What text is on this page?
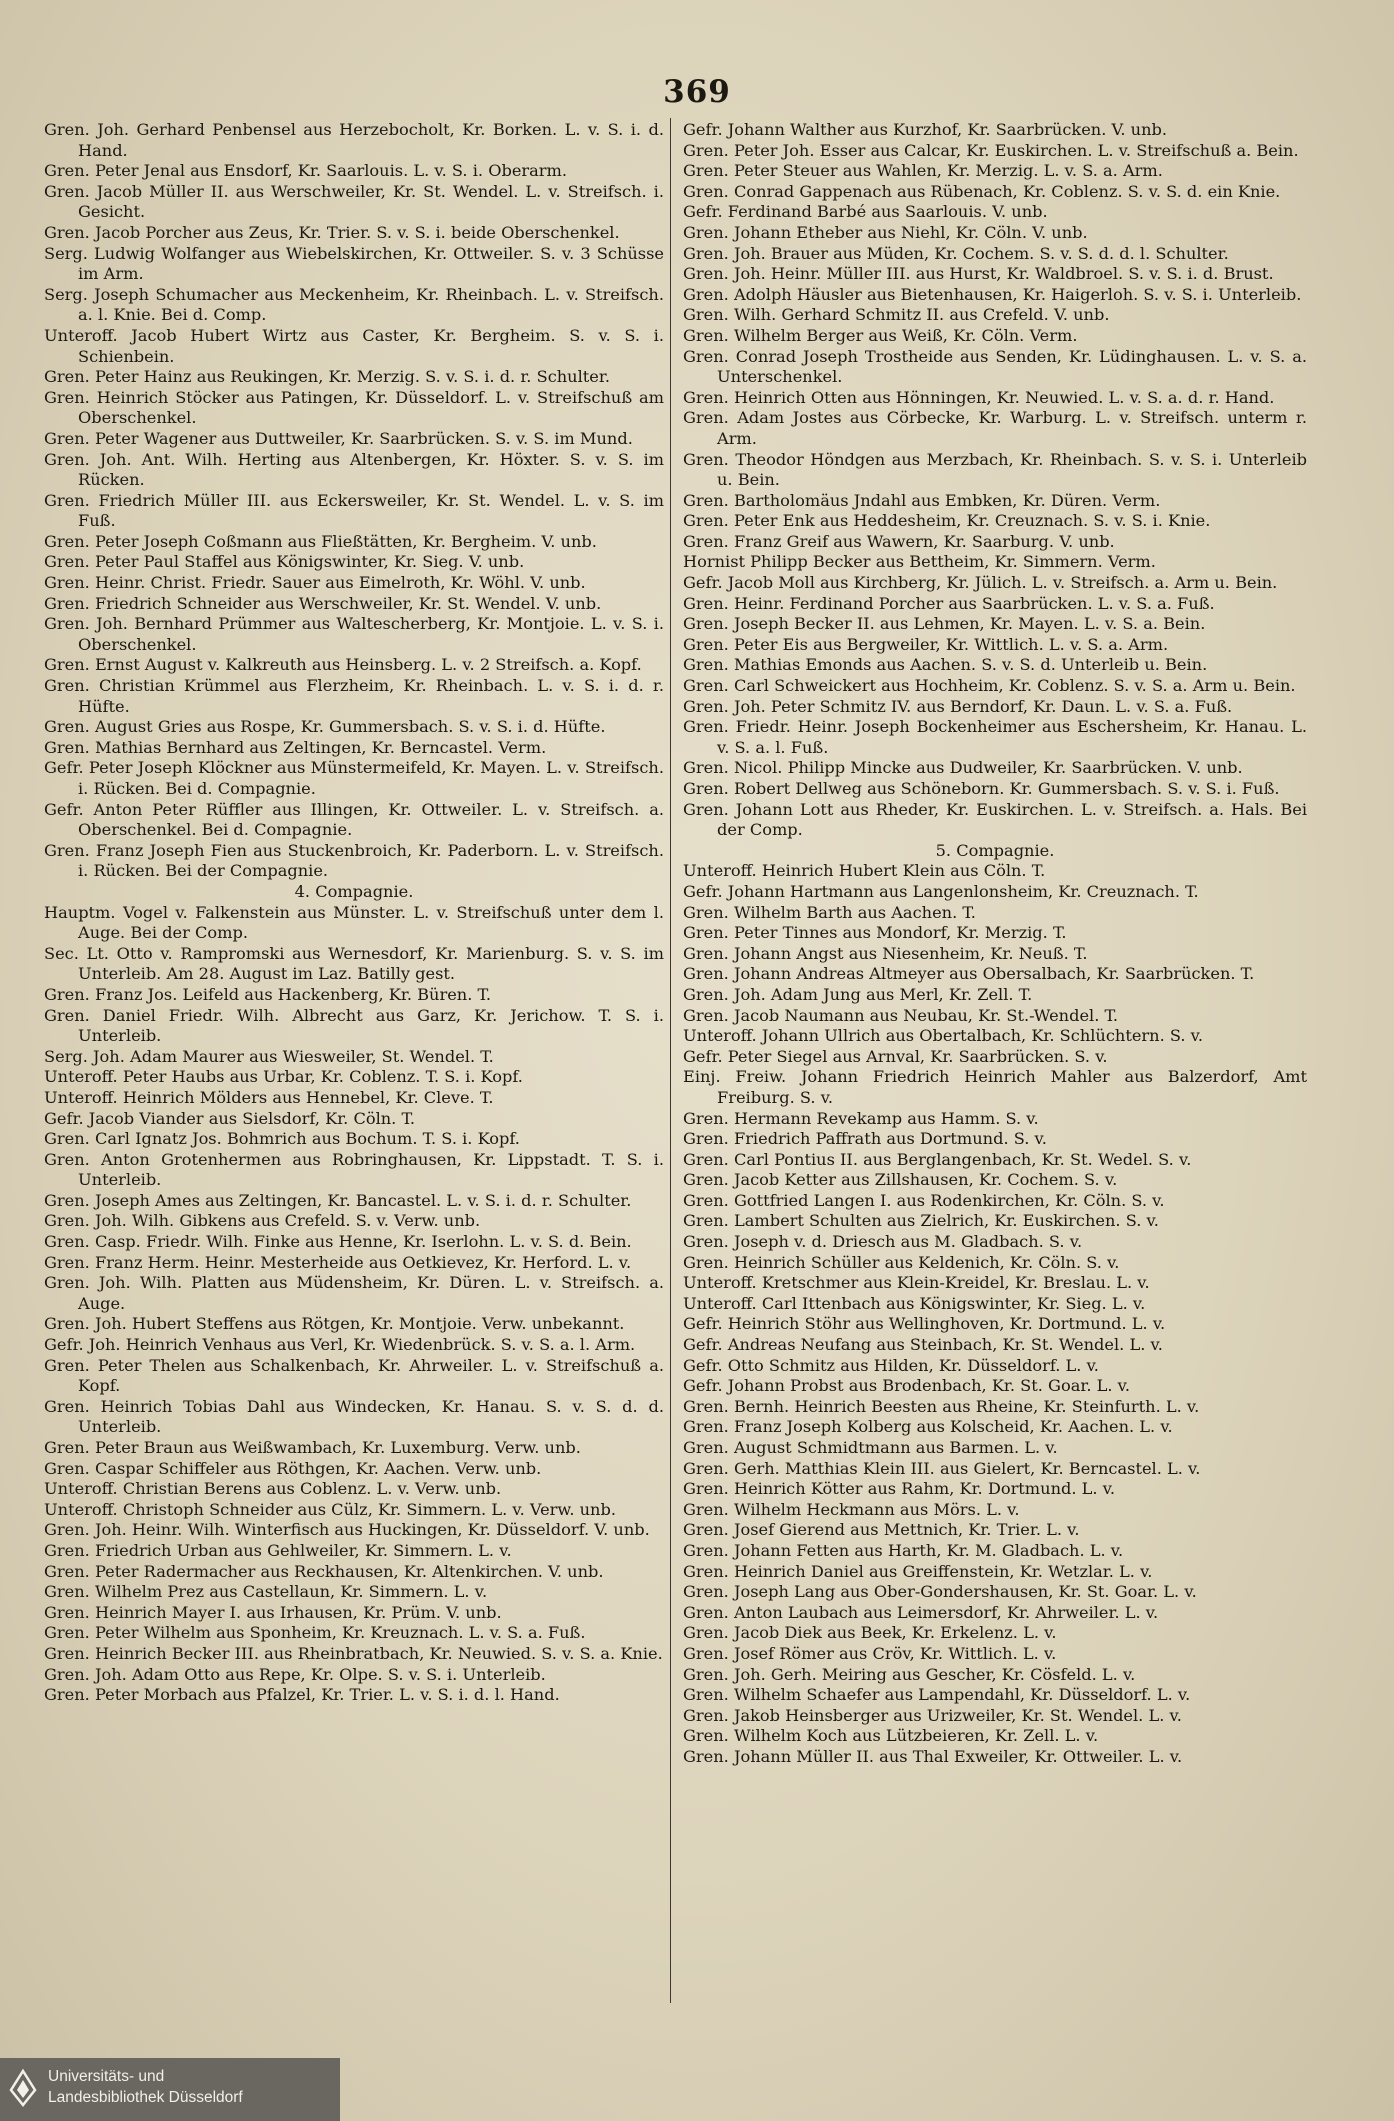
369

Gren. Joh. Gerhard Penbensel aus Herzebocholt, Kr. Borken. L. v. S. i. d. Hand.

Gren. Peter Jenal aus Ensdorf, Kr. Saarlouis. L. v. S. i. Oberarm.

Gren. Jacob Müller II. aus Werschweiler, Kr. St. Wendel. L. v. Streifsch. i. Gesicht.

Gren. Jacob Porcher aus Zeus, Kr. Trier. S. v. S. i. beide Oberschenkel.

Serg. Ludwig Wolfanger aus Wiebelskirchen, Kr. Ottweiler. S. v. 3 Schüsse im Arm.

Serg. Joseph Schumacher aus Meckenheim, Kr. Rheinbach. L. v. Streifsch. a. l. Knie. Bei d. Comp.

Unteroff. Jacob Hubert Wirtz aus Caster, Kr. Bergheim. S. v. S. i. Schienbein.

Gren. Peter Hainz aus Reukingen, Kr. Merzig. S. v. S. i. d. r. Schulter.

Gren. Heinrich Stöcker aus Patingen, Kr. Düsseldorf. L. v. Streifschuß am Oberschenkel.

Gren. Peter Wagener aus Duttweiler, Kr. Saarbrücken. S. v. S. im Mund.

Gren. Joh. Ant. Wilh. Herting aus Altenbergen, Kr. Höxter. S. v. S. im Rücken.

Gren. Friedrich Müller III. aus Eckersweiler, Kr. St. Wendel. L. v. S. im Fuß.

Gren. Peter Joseph Coßmann aus Fließtätten, Kr. Bergheim. V. unb.

Gren. Peter Paul Staffel aus Königswinter, Kr. Sieg. V. unb.

Gren. Heinr. Christ. Friedr. Sauer aus Eimelroth, Kr. Wöhl. V. unb.

Gren. Friedrich Schneider aus Werschweiler, Kr. St. Wendel. V. unb.

Gren. Joh. Bernhard Prümmer aus Waltescherberg, Kr. Montjoie. L. v. S. i. Oberschenkel.

Gren. Ernst August v. Kalkreuth aus Heinsberg. L. v. 2 Streifsch. a. Kopf.

Gren. Christian Krümmel aus Flerzheim, Kr. Rheinbach. L. v. S. i. d. r. Hüfte.

Gren. August Gries aus Rospe, Kr. Gummersbach. S. v. S. i. d. Hüfte.

Gren. Mathias Bernhard aus Zeltingen, Kr. Berncastel. Verm.

Gefr. Peter Joseph Klöckner aus Münstermeifeld, Kr. Mayen. L. v. Streifsch. i. Rücken. Bei d. Compagnie.

Gefr. Anton Peter Rüffler aus Illingen, Kr. Ottweiler. L. v. Streifsch. a. Oberschenkel. Bei d. Compagnie.

Gren. Franz Joseph Fien aus Stuckenbroich, Kr. Paderborn. L. v. Streifsch. i. Rücken. Bei der Compagnie.

4. Compagnie.

Hauptm. Vogel v. Falkenstein aus Münster. L. v. Streifschuß unter dem l. Auge. Bei der Comp.

Sec. Lt. Otto v. Rampromski aus Wernesdorf, Kr. Marienburg. S. v. S. im Unterleib. Am 28. August im Laz. Batilly gest.

Gren. Franz Jos. Leifeld aus Hackenberg, Kr. Büren. T.

Gren. Daniel Friedr. Wilh. Albrecht aus Garz, Kr. Jerichow. T. S. i. Unterleib.

Serg. Joh. Adam Maurer aus Wiesweiler, St. Wendel. T.

Unteroff. Peter Haubs aus Urbar, Kr. Coblenz. T. S. i. Kopf.

Unteroff. Heinrich Mölders aus Hennebel, Kr. Cleve. T.

Gefr. Jacob Viander aus Sielsdorf, Kr. Cöln. T.

Gren. Carl Ignatz Jos. Bohmrich aus Bochum. T. S. i. Kopf.

Gren. Anton Grotenhermen aus Robringhausen, Kr. Lippstadt. T. S. i. Unterleib.

Gren. Joseph Ames aus Zeltingen, Kr. Bancastel. L. v. S. i. d. r. Schulter.

Gren. Joh. Wilh. Gibkens aus Crefeld. S. v. Verw. unb.

Gren. Casp. Friedr. Wilh. Finke aus Henne, Kr. Iserlohn. L. v. S. d. Bein.

Gren. Franz Herm. Heinr. Mesterheide aus Oetkievez, Kr. Herford. L. v.

Gren. Joh. Wilh. Platten aus Müdensheim, Kr. Düren. L. v. Streifsch. a. Auge.

Gren. Joh. Hubert Steffens aus Rötgen, Kr. Montjoie. Verw. unbekannt.

Gefr. Joh. Heinrich Venhaus aus Verl, Kr. Wiedenbrück. S. v. S. a. l. Arm.

Gren. Peter Thelen aus Schalkenbach, Kr. Ahrweiler. L. v. Streifschuß a. Kopf.

Gren. Heinrich Tobias Dahl aus Windecken, Kr. Hanau. S. v. S. d. d. Unterleib.

Gren. Peter Braun aus Weißwambach, Kr. Luxemburg. Verw. unb.

Gren. Caspar Schiffeler aus Röthgen, Kr. Aachen. Verw. unb.

Unteroff. Christian Berens aus Coblenz. L. v. Verw. unb.

Unteroff. Christoph Schneider aus Cülz, Kr. Simmern. L. v. Verw. unb.

Gren. Joh. Heinr. Wilh. Winterfisch aus Huckingen, Kr. Düsseldorf. V. unb.

Gren. Friedrich Urban aus Gehlweiler, Kr. Simmern. L. v.

Gren. Peter Radermacher aus Reckhausen, Kr. Altenkirchen. V. unb.

Gren. Wilhelm Prez aus Castellaun, Kr. Simmern. L. v.

Gren. Heinrich Mayer I. aus Irhausen, Kr. Prüm. V. unb.

Gren. Peter Wilhelm aus Sponheim, Kr. Kreuznach. L. v. S. a. Fuß.

Gren. Heinrich Becker III. aus Rheinbratbach, Kr. Neuwied. S. v. S. a. Knie.

Gren. Joh. Adam Otto aus Repe, Kr. Olpe. S. v. S. i. Unterleib.

Gren. Peter Morbach aus Pfalzel, Kr. Trier. L. v. S. i. d. l. Hand.

Gefr. Johann Walther aus Kurzhof, Kr. Saarbrücken. V. unb.

Gren. Peter Joh. Esser aus Calcar, Kr. Euskirchen. L. v. Streifschuß a. Bein.

Gren. Peter Steuer aus Wahlen, Kr. Merzig. L. v. S. a. Arm.

Gren. Conrad Gappenach aus Rübenach, Kr. Coblenz. S. v. S. d. ein Knie.

Gefr. Ferdinand Barbé aus Saarlouis. V. unb.

Gren. Johann Etheber aus Niehl, Kr. Cöln. V. unb.

Gren. Joh. Brauer aus Müden, Kr. Cochem. S. v. S. d. d. l. Schulter.

Gren. Joh. Heinr. Müller III. aus Hurst, Kr. Waldbroel. S. v. S. i. d. Brust.

Gren. Adolph Häusler aus Bietenhausen, Kr. Haigerloh. S. v. S. i. Unterleib.

Gren. Wilh. Gerhard Schmitz II. aus Crefeld. V. unb.

Gren. Wilhelm Berger aus Weiß, Kr. Cöln. Verm.

Gren. Conrad Joseph Trostheide aus Senden, Kr. Lüdinghausen. L. v. S. a. Unterschenkel.

Gren. Heinrich Otten aus Hönningen, Kr. Neuwied. L. v. S. a. d. r. Hand.

Gren. Adam Jostes aus Cörbecke, Kr. Warburg. L. v. Streifsch. unterm r. Arm.

Gren. Theodor Höndgen aus Merzbach, Kr. Rheinbach. S. v. S. i. Unterleib u. Bein.

Gren. Bartholomäus Jndahl aus Embken, Kr. Düren. Verm.

Gren. Peter Enk aus Heddesheim, Kr. Creuznach. S. v. S. i. Knie.

Gren. Franz Greif aus Wawern, Kr. Saarburg. V. unb.

Hornist Philipp Becker aus Bettheim, Kr. Simmern. Verm.

Gefr. Jacob Moll aus Kirchberg, Kr. Jülich. L. v. Streifsch. a. Arm u. Bein.

Gren. Heinr. Ferdinand Porcher aus Saarbrücken. L. v. S. a. Fuß.

Gren. Joseph Becker II. aus Lehmen, Kr. Mayen. L. v. S. a. Bein.

Gren. Peter Eis aus Bergweiler, Kr. Wittlich. L. v. S. a. Arm.

Gren. Mathias Emonds aus Aachen. S. v. S. d. Unterleib u. Bein.

Gren. Carl Schweickert aus Hochheim, Kr. Coblenz. S. v. S. a. Arm u. Bein.

Gren. Joh. Peter Schmitz IV. aus Berndorf, Kr. Daun. L. v. S. a. Fuß.

Gren. Friedr. Heinr. Joseph Bockenheimer aus Eschersheim, Kr. Hanau. L. v. S. a. l. Fuß.

Gren. Nicol. Philipp Mincke aus Dudweiler, Kr. Saarbrücken. V. unb.

Gren. Robert Dellweg aus Schöneborn. Kr. Gummersbach. S. v. S. i. Fuß.

Gren. Johann Lott aus Rheder, Kr. Euskirchen. L. v. Streifsch. a. Hals. Bei der Comp.

5. Compagnie.

Unteroff. Heinrich Hubert Klein aus Cöln. T.

Gefr. Johann Hartmann aus Langenlonsheim, Kr. Creuznach. T.

Gren. Wilhelm Barth aus Aachen. T.

Gren. Peter Tinnes aus Mondorf, Kr. Merzig. T.

Gren. Johann Angst aus Niesenheim, Kr. Neuß. T.

Gren. Johann Andreas Altmeyer aus Obersalbach, Kr. Saarbrücken. T.

Gren. Joh. Adam Jung aus Merl, Kr. Zell. T.

Gren. Jacob Naumann aus Neubau, Kr. St.-Wendel. T.

Unteroff. Johann Ullrich aus Obertalbach, Kr. Schlüchtern. S. v.

Gefr. Peter Siegel aus Arnval, Kr. Saarbrücken. S. v.

Einj. Freiw. Johann Friedrich Heinrich Mahler aus Balzerdorf, Amt Freiburg. S. v.

Gren. Hermann Revekamp aus Hamm. S. v.

Gren. Friedrich Paffrath aus Dortmund. S. v.

Gren. Carl Pontius II. aus Berglangenbach, Kr. St. Wedel. S. v.

Gren. Jacob Ketter aus Zillshausen, Kr. Cochem. S. v.

Gren. Gottfried Langen I. aus Rodenkirchen, Kr. Cöln. S. v.

Gren. Lambert Schulten aus Zielrich, Kr. Euskirchen. S. v.

Gren. Joseph v. d. Driesch aus M. Gladbach. S. v.

Gren. Heinrich Schüller aus Keldenich, Kr. Cöln. S. v.

Unteroff. Kretschmer aus Klein-Kreidel, Kr. Breslau. L. v.

Unteroff. Carl Ittenbach aus Königswinter, Kr. Sieg. L. v.

Gefr. Heinrich Stöhr aus Wellinghoven, Kr. Dortmund. L. v.

Gefr. Andreas Neufang aus Steinbach, Kr. St. Wendel. L. v.

Gefr. Otto Schmitz aus Hilden, Kr. Düsseldorf. L. v.

Gefr. Johann Probst aus Brodenbach, Kr. St. Goar. L. v.

Gren. Bernh. Heinrich Beesten aus Rheine, Kr. Steinfurth. L. v.

Gren. Franz Joseph Kolberg aus Kolscheid, Kr. Aachen. L. v.

Gren. August Schmidtmann aus Barmen. L. v.

Gren. Gerh. Matthias Klein III. aus Gielert, Kr. Berncastel. L. v.

Gren. Heinrich Kötter aus Rahm, Kr. Dortmund. L. v.

Gren. Wilhelm Heckmann aus Mörs. L. v.

Gren. Josef Gierend aus Mettnich, Kr. Trier. L. v.

Gren. Johann Fetten aus Harth, Kr. M. Gladbach. L. v.

Gren. Heinrich Daniel aus Greiffenstein, Kr. Wetzlar. L. v.

Gren. Joseph Lang aus Ober-Gondershausen, Kr. St. Goar. L. v.

Gren. Anton Laubach aus Leimersdorf, Kr. Ahrweiler. L. v.

Gren. Jacob Diek aus Beek, Kr. Erkelenz. L. v.

Gren. Josef Römer aus Cröv, Kr. Wittlich. L. v.

Gren. Joh. Gerh. Meiring aus Gescher, Kr. Cösfeld. L. v.

Gren. Wilhelm Schaefer aus Lampendahl, Kr. Düsseldorf. L. v.

Gren. Jakob Heinsberger aus Urizweiler, Kr. St. Wendel. L. v.

Gren. Wilhelm Koch aus Lützbeieren, Kr. Zell. L. v.

Gren. Johann Müller II. aus Thal Exweiler, Kr. Ottweiler. L. v.

Universitäts- und
Landesbibliothek Düsseldorf
